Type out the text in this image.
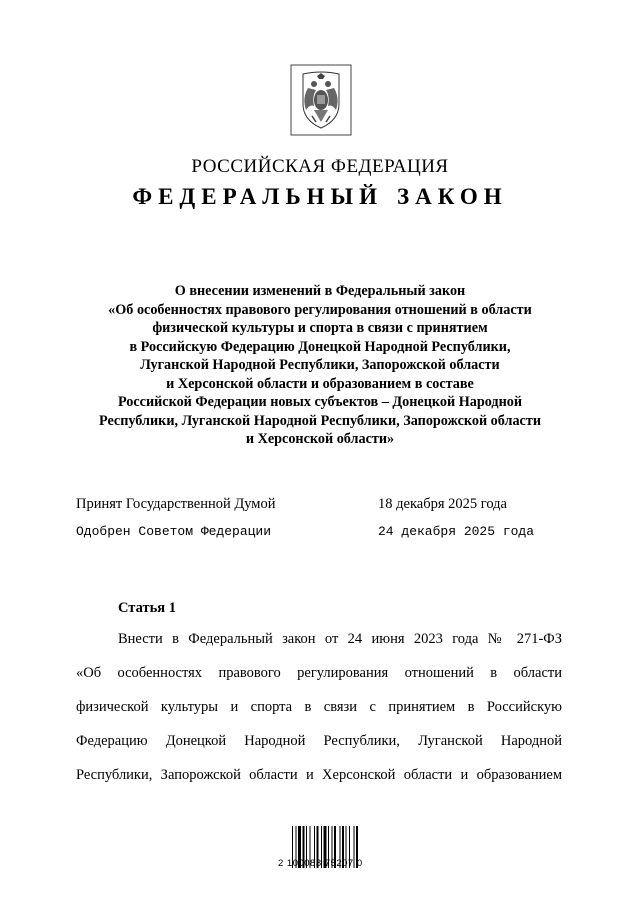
РОССИЙСКАЯ ФЕДЕРАЦИЯ
ФЕДЕРАЛЬНЫЙ ЗАКОН
О внесении изменений в Федеральный закон
«Об особенностях правового регулирования отношений в области
физической культуры и спорта в связи с принятием
в Российскую Федерацию Донецкой Народной Республики,
Луганской Народной Республики, Запорожской области
и Херсонской области и образованием в составе
Российской Федерации новых субъектов – Донецкой Народной
Республики, Луганской Народной Республики, Запорожской области
и Херсонской области»
Принят Государственной Думой	18 декабря 2025 года
Одобрен Советом Федерации	24 декабря 2025 года
Статья 1
Внести в Федеральный закон от 24 июня 2023 года № 271-ФЗ
«Об особенностях правового регулирования отношений в области
физической культуры и спорта в связи с принятием в Российскую
Федерацию Донецкой Народной Республики, Луганской Народной
Республики, Запорожской области и Херсонской области и образованием
2 100088 75207 0
